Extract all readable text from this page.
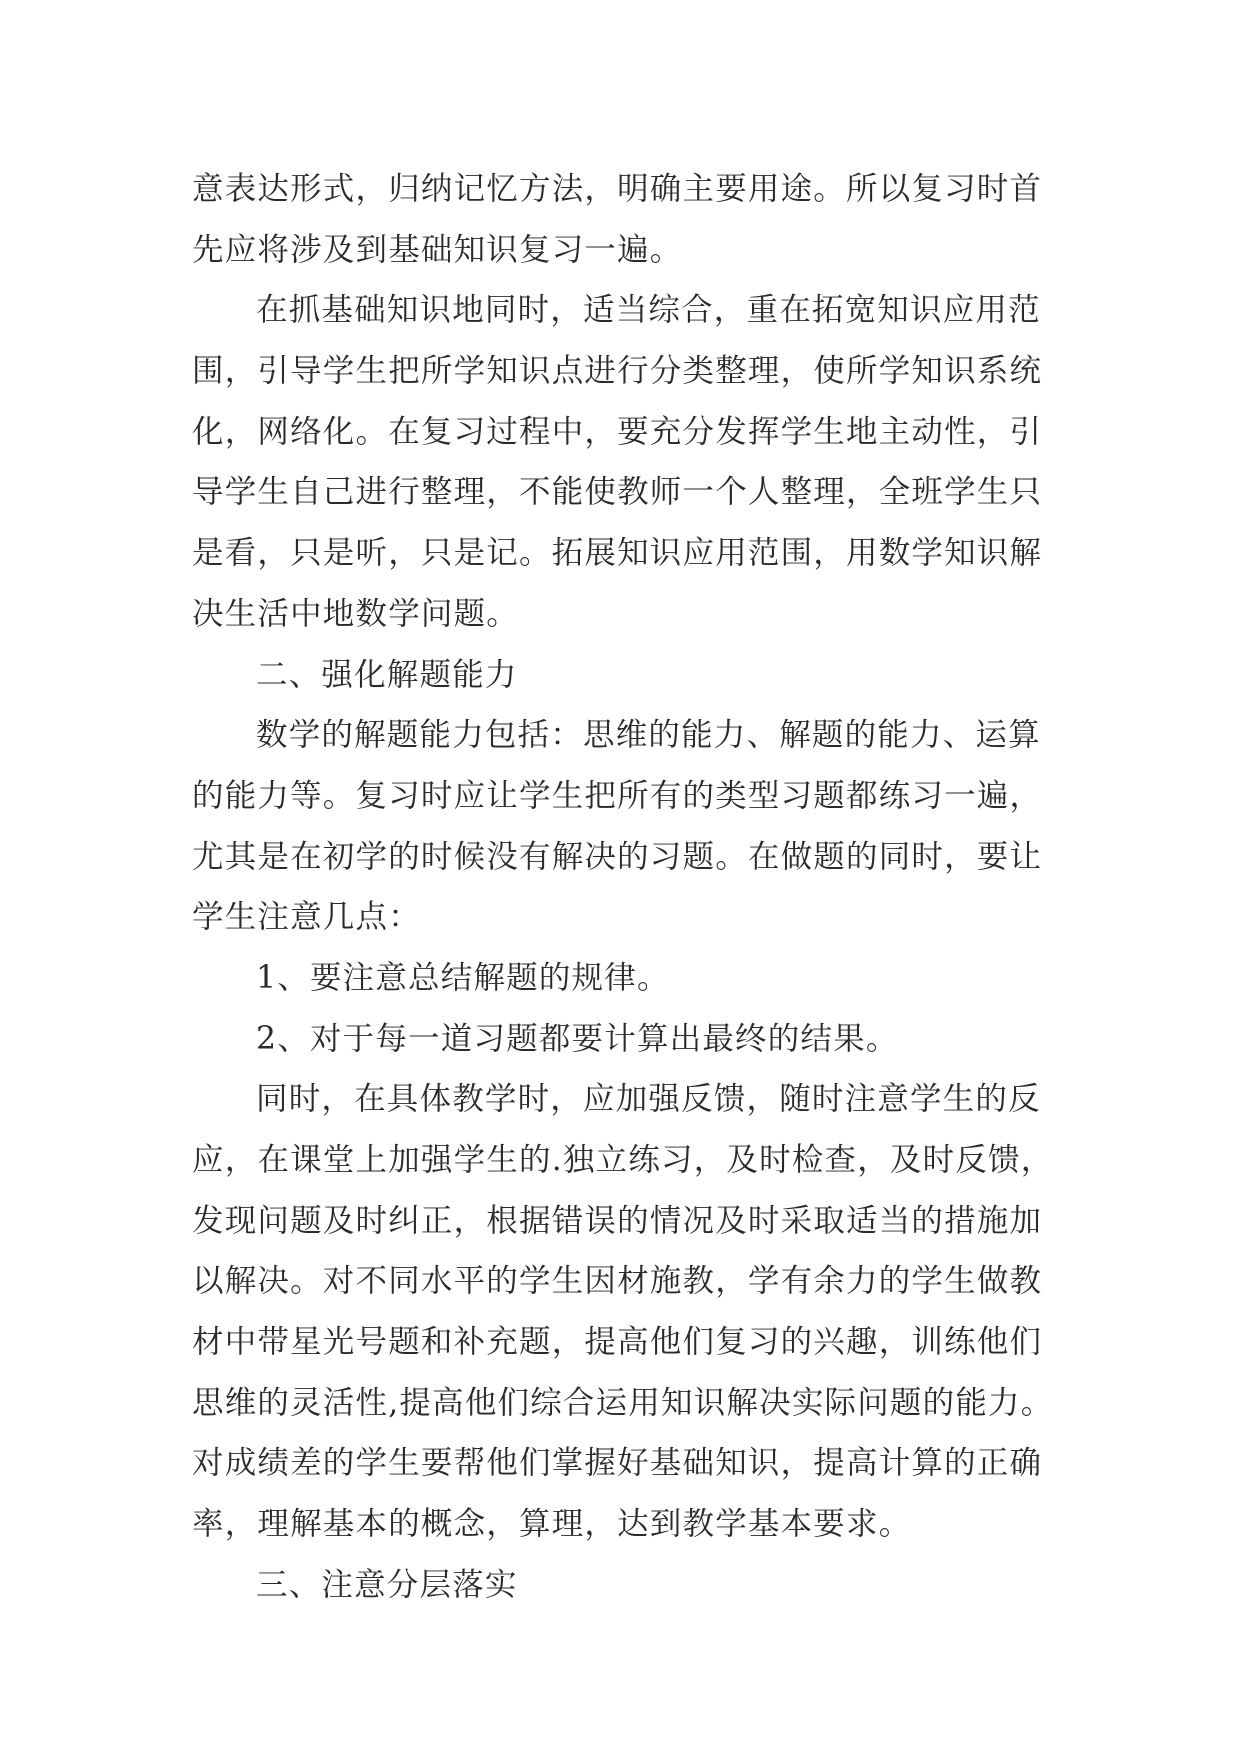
意表达形式，归纳记忆方法，明确主要用途。所以复习时首
先应将涉及到基础知识复习一遍。
在抓基础知识地同时，适当综合，重在拓宽知识应用范
围，引导学生把所学知识点进行分类整理，使所学知识系统
化，网络化。在复习过程中，要充分发挥学生地主动性，引
导学生自己进行整理，不能使教师一个人整理，全班学生只
是看，只是听，只是记。拓展知识应用范围，用数学知识解
决生活中地数学问题。
二、强化解题能力
数学的解题能力包括：思维的能力、解题的能力、运算
的能力等。复习时应让学生把所有的类型习题都练习一遍，
尤其是在初学的时候没有解决的习题。在做题的同时，要让
学生注意几点：
1、要注意总结解题的规律。
2、对于每一道习题都要计算出最终的结果。
同时，在具体教学时，应加强反馈，随时注意学生的反
应，在课堂上加强学生的.独立练习，及时检查，及时反馈，
发现问题及时纠正，根据错误的情况及时采取适当的措施加
以解决。对不同水平的学生因材施教，学有余力的学生做教
材中带星光号题和补充题，提高他们复习的兴趣，训练他们
思维的灵活性,提高他们综合运用知识解决实际问题的能力。
对成绩差的学生要帮他们掌握好基础知识，提高计算的正确
率，理解基本的概念，算理，达到教学基本要求。
三、注意分层落实
